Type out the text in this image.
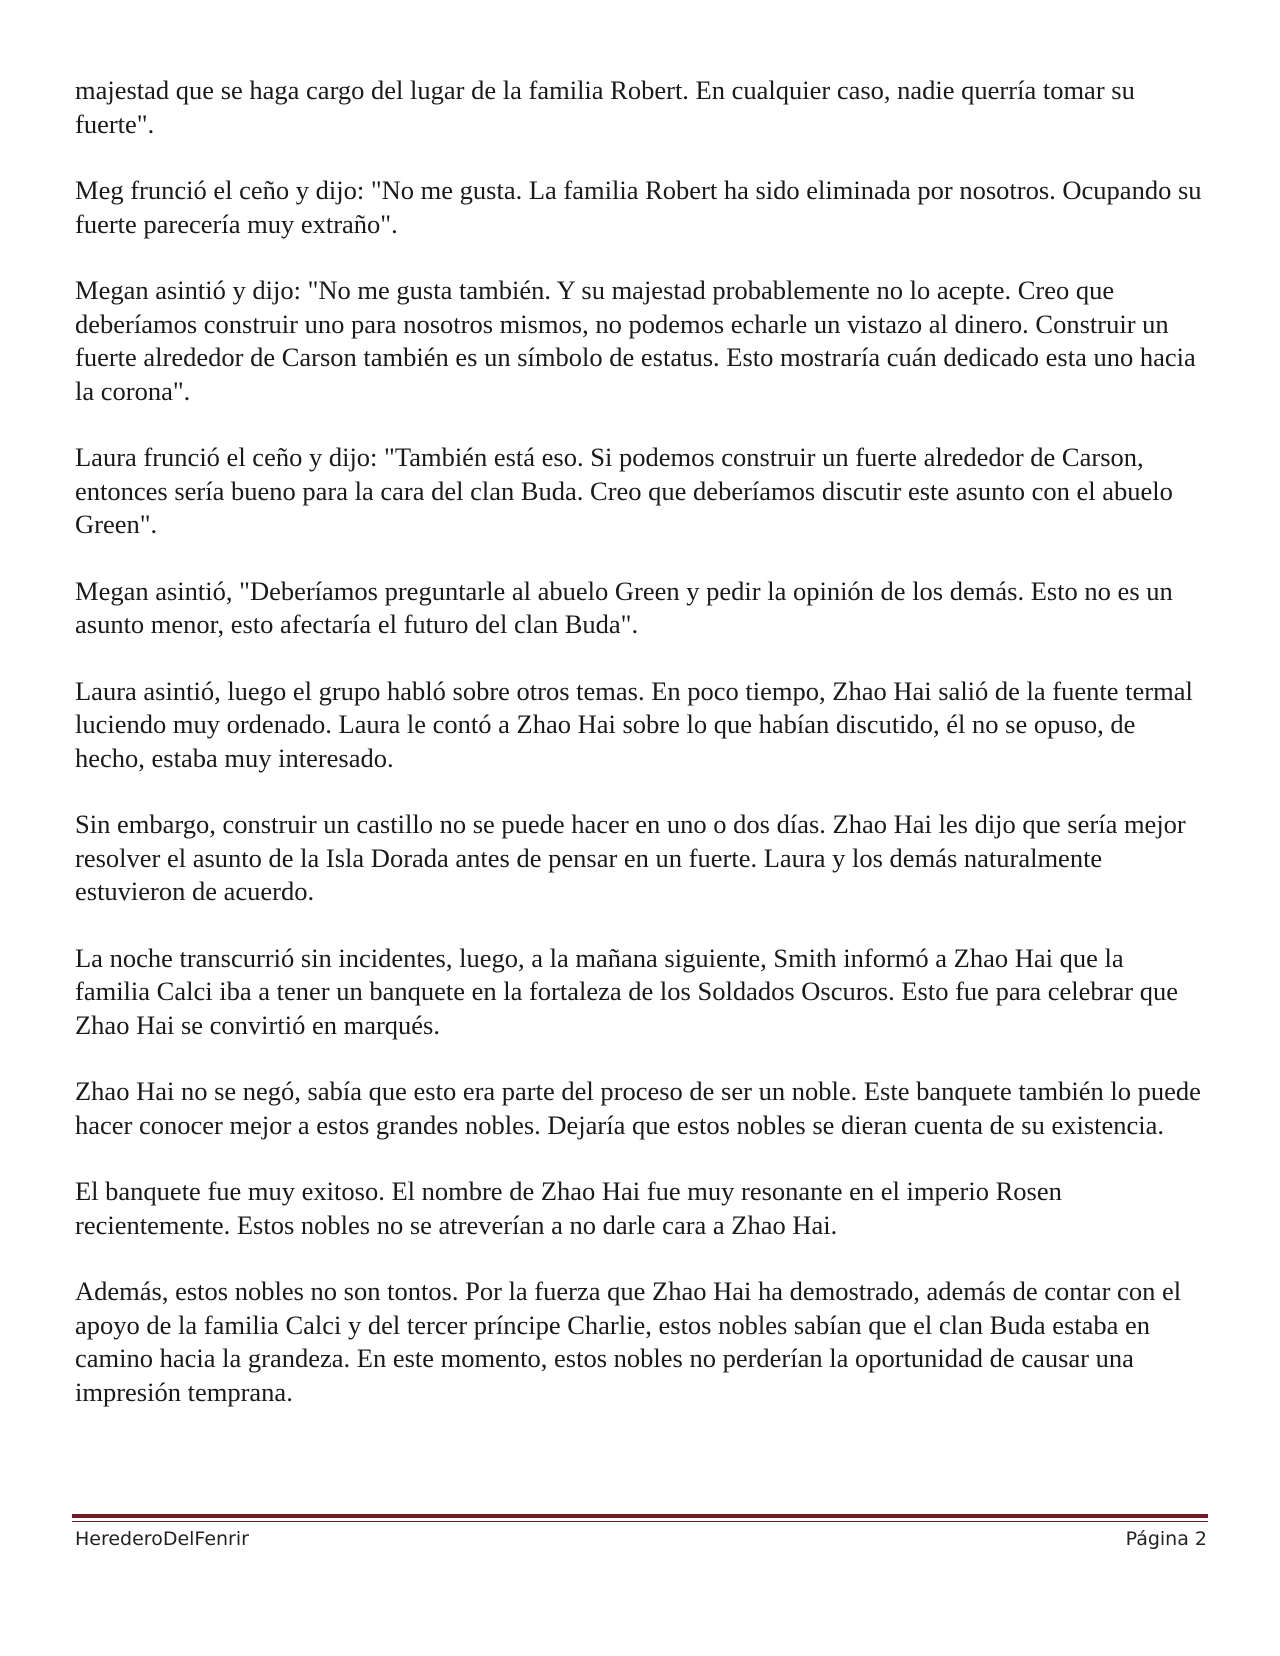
majestad que se haga cargo del lugar de la familia Robert. En cualquier caso, nadie querría tomar su fuerte".

Meg frunció el ceño y dijo: "No me gusta. La familia Robert ha sido eliminada por nosotros. Ocupando su fuerte parecería muy extraño".

Megan asintió y dijo: "No me gusta también. Y su majestad probablemente no lo acepte. Creo que deberíamos construir uno para nosotros mismos, no podemos echarle un vistazo al dinero. Construir un fuerte alrededor de Carson también es un símbolo de estatus. Esto mostraría cuán dedicado esta uno hacia la corona".

Laura frunció el ceño y dijo: "También está eso. Si podemos construir un fuerte alrededor de Carson, entonces sería bueno para la cara del clan Buda. Creo que deberíamos discutir este asunto con el abuelo Green".

Megan asintió, "Deberíamos preguntarle al abuelo Green y pedir la opinión de los demás. Esto no es un asunto menor, esto afectaría el futuro del clan Buda".

Laura asintió, luego el grupo habló sobre otros temas. En poco tiempo, Zhao Hai salió de la fuente termal luciendo muy ordenado. Laura le contó a Zhao Hai sobre lo que habían discutido, él no se opuso, de hecho, estaba muy interesado.

Sin embargo, construir un castillo no se puede hacer en uno o dos días. Zhao Hai les dijo que sería mejor resolver el asunto de la Isla Dorada antes de pensar en un fuerte. Laura y los demás naturalmente estuvieron de acuerdo.

La noche transcurrió sin incidentes, luego, a la mañana siguiente, Smith informó a Zhao Hai que la familia Calci iba a tener un banquete en la fortaleza de los Soldados Oscuros. Esto fue para celebrar que Zhao Hai se convirtió en marqués.

Zhao Hai no se negó, sabía que esto era parte del proceso de ser un noble. Este banquete también lo puede hacer conocer mejor a estos grandes nobles. Dejaría que estos nobles se dieran cuenta de su existencia.

El banquete fue muy exitoso. El nombre de Zhao Hai fue muy resonante en el imperio Rosen recientemente. Estos nobles no se atreverían a no darle cara a Zhao Hai.

Además, estos nobles no son tontos. Por la fuerza que Zhao Hai ha demostrado, además de contar con el apoyo de la familia Calci y del tercer príncipe Charlie, estos nobles sabían que el clan Buda estaba en camino hacia la grandeza. En este momento, estos nobles no perderían la oportunidad de causar una impresión temprana.

HerederoDelFenrir	Página 2
